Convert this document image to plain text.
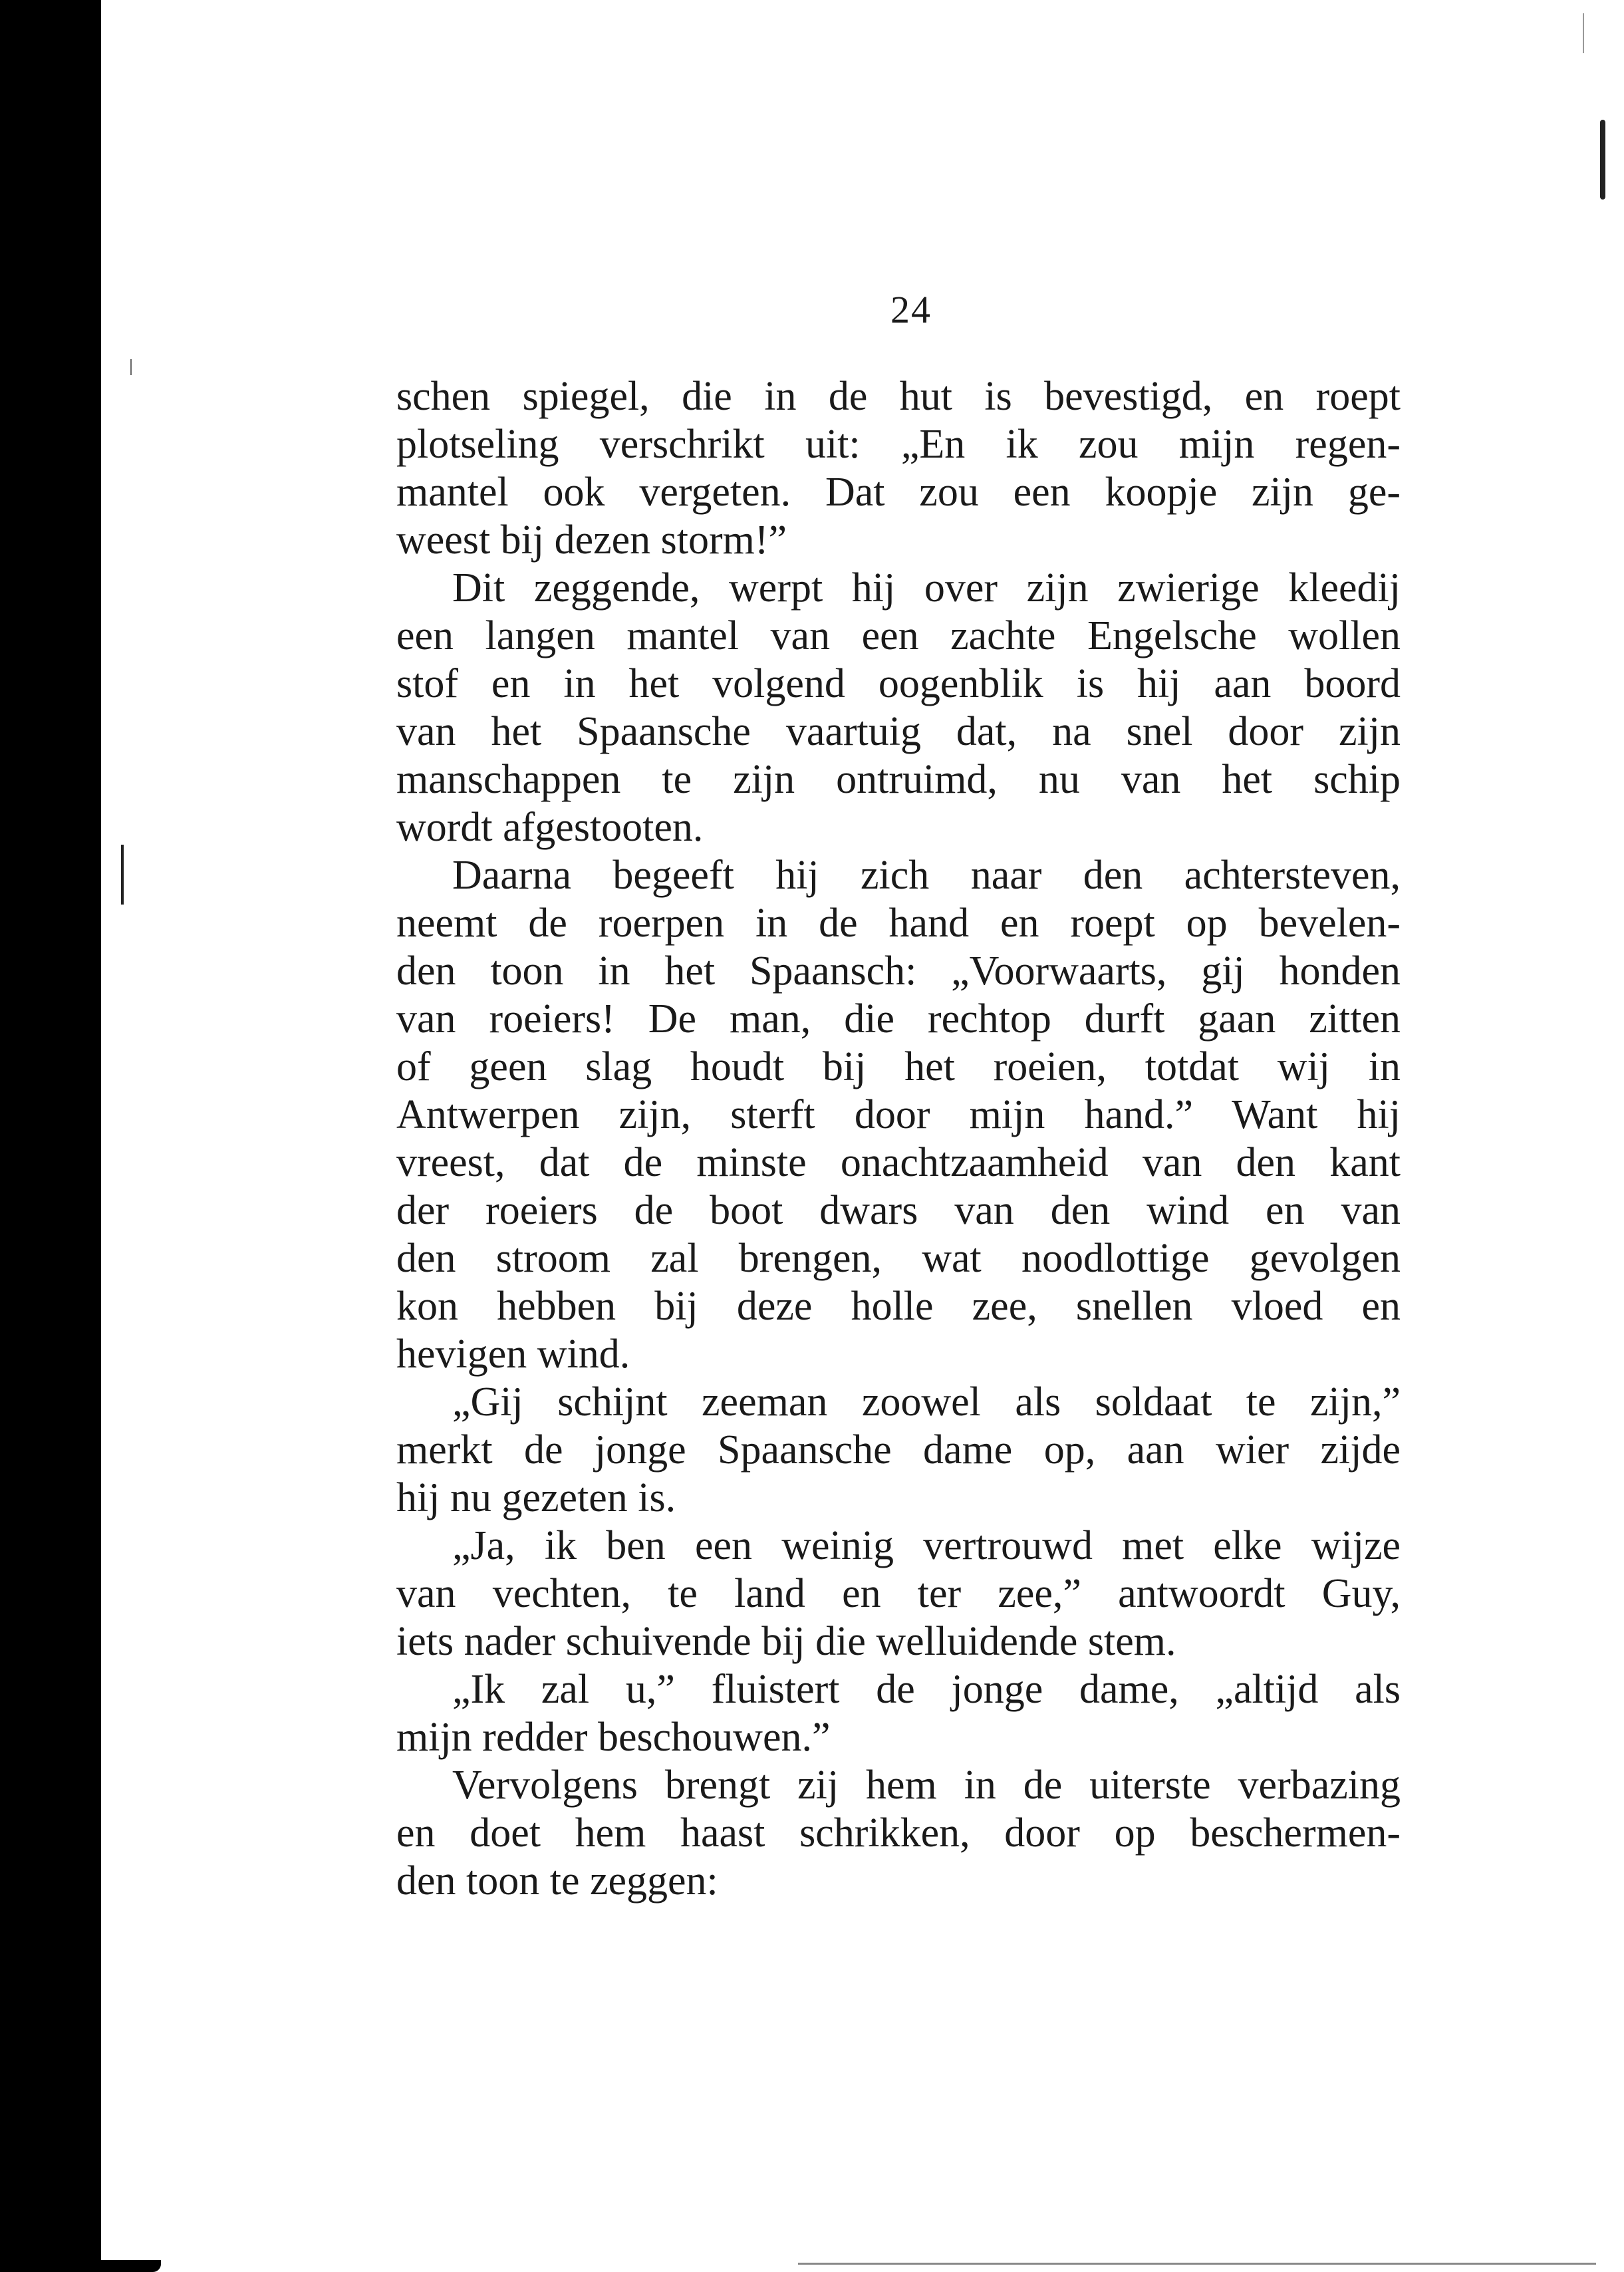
24
schen spiegel, die in de hut is bevestigd, en roept
plotseling verschrikt uit: „En ik zou mijn regen-
mantel ook vergeten. Dat zou een koopje zijn ge-
weest bij dezen storm!”
Dit zeggende, werpt hij over zijn zwierige kleedij
een langen mantel van een zachte Engelsche wollen
stof en in het volgend oogenblik is hij aan boord
van het Spaansche vaartuig dat, na snel door zijn
manschappen te zijn ontruimd, nu van het schip
wordt afgestooten.
Daarna begeeft hij zich naar den achtersteven,
neemt de roerpen in de hand en roept op bevelen-
den toon in het Spaansch: „Voorwaarts, gij honden
van roeiers! De man, die rechtop durft gaan zitten
of geen slag houdt bij het roeien, totdat wij in
Antwerpen zijn, sterft door mijn hand.” Want hij
vreest, dat de minste onachtzaamheid van den kant
der roeiers de boot dwars van den wind en van
den stroom zal brengen, wat noodlottige gevolgen
kon hebben bij deze holle zee, snellen vloed en
hevigen wind.
„Gij schijnt zeeman zoowel als soldaat te zijn,”
merkt de jonge Spaansche dame op, aan wier zijde
hij nu gezeten is.
„Ja, ik ben een weinig vertrouwd met elke wijze
van vechten, te land en ter zee,” antwoordt Guy,
iets nader schuivende bij die welluidende stem.
„Ik zal u,” fluistert de jonge dame, „altijd als
mijn redder beschouwen.”
Vervolgens brengt zij hem in de uiterste verbazing
en doet hem haast schrikken, door op beschermen-
den toon te zeggen:
